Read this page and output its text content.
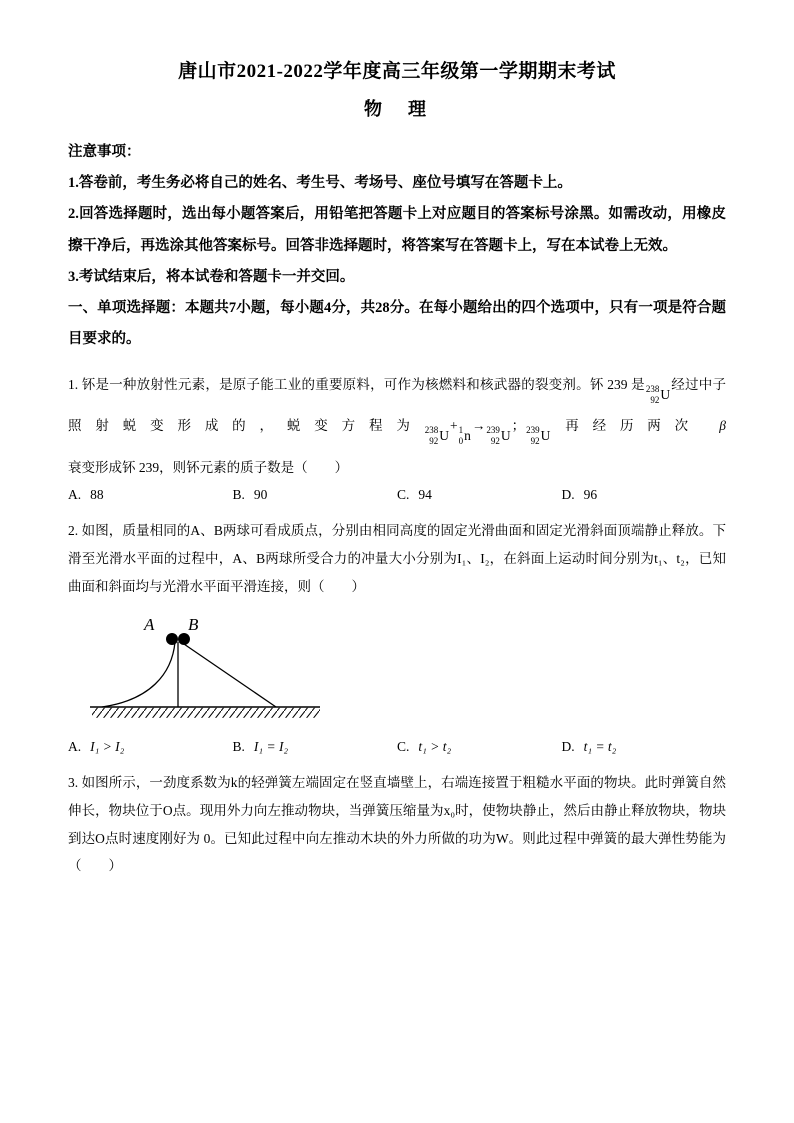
唐山市2021-2022学年度高三年级第一学期期末考试
物　理

注意事项：

1.答卷前，考生务必将自己的姓名、考生号、考场号、座位号填写在答题卡上。

2.回答选择题时，选出每小题答案后，用铅笔把答题卡上对应题目的答案标号涂黑。如需改动，用橡皮擦干净后，再选涂其他答案标号。回答非选择题时，将答案写在答题卡上，写在本试卷上无效。

3.考试结束后，将本试卷和答题卡一并交回。

一、单项选择题：本题共7小题，每小题4分，共28分。在每小题给出的四个选项中，只有一项是符合题目要求的。

1. 钚是一种放射性元素，是原子能工业的重要原料，可作为核燃料和核武器的裂变剂。钚 239 是 238
92 U
经过中子照射蜕变形成的，蜕变方程为 238
92 U
+ 1
0 n
→ 239
92 U
； 239
92 U
再经历两次 β 衰变形成钚 239，则钚元素的质子数是（　　）

A. 88	B. 90	C. 94	D. 96

2. 如图，质量相同的A、B两球可看成质点，分别由相同高度的固定光滑曲面和固定光滑斜面顶端静止释放。下滑至光滑水平面的过程中，A、B两球所受合力的冲量大小分别为I₁、I₂，在斜面上运动时间分别为t₁、t₂，已知曲面和斜面均与光滑水平面平滑连接，则（　　）

A B
A. I₁ > I₂	B. I₁ = I₂	C. t₁ > t₂	D. t₁ = t₂

3. 如图所示，一劲度系数为k的轻弹簧左端固定在竖直墙壁上，右端连接置于粗糙水平面的物块。此时弹簧自然伸长，物块位于O点。现用外力向左推动物块，当弹簧压缩量为x₀时，使物块静止，然后由静止释放物块，物块到达O点时速度刚好为 0。已知此过程中向左推动木块的外力所做的功为W。则此过程中弹簧的最大弹性势能为（　　）
